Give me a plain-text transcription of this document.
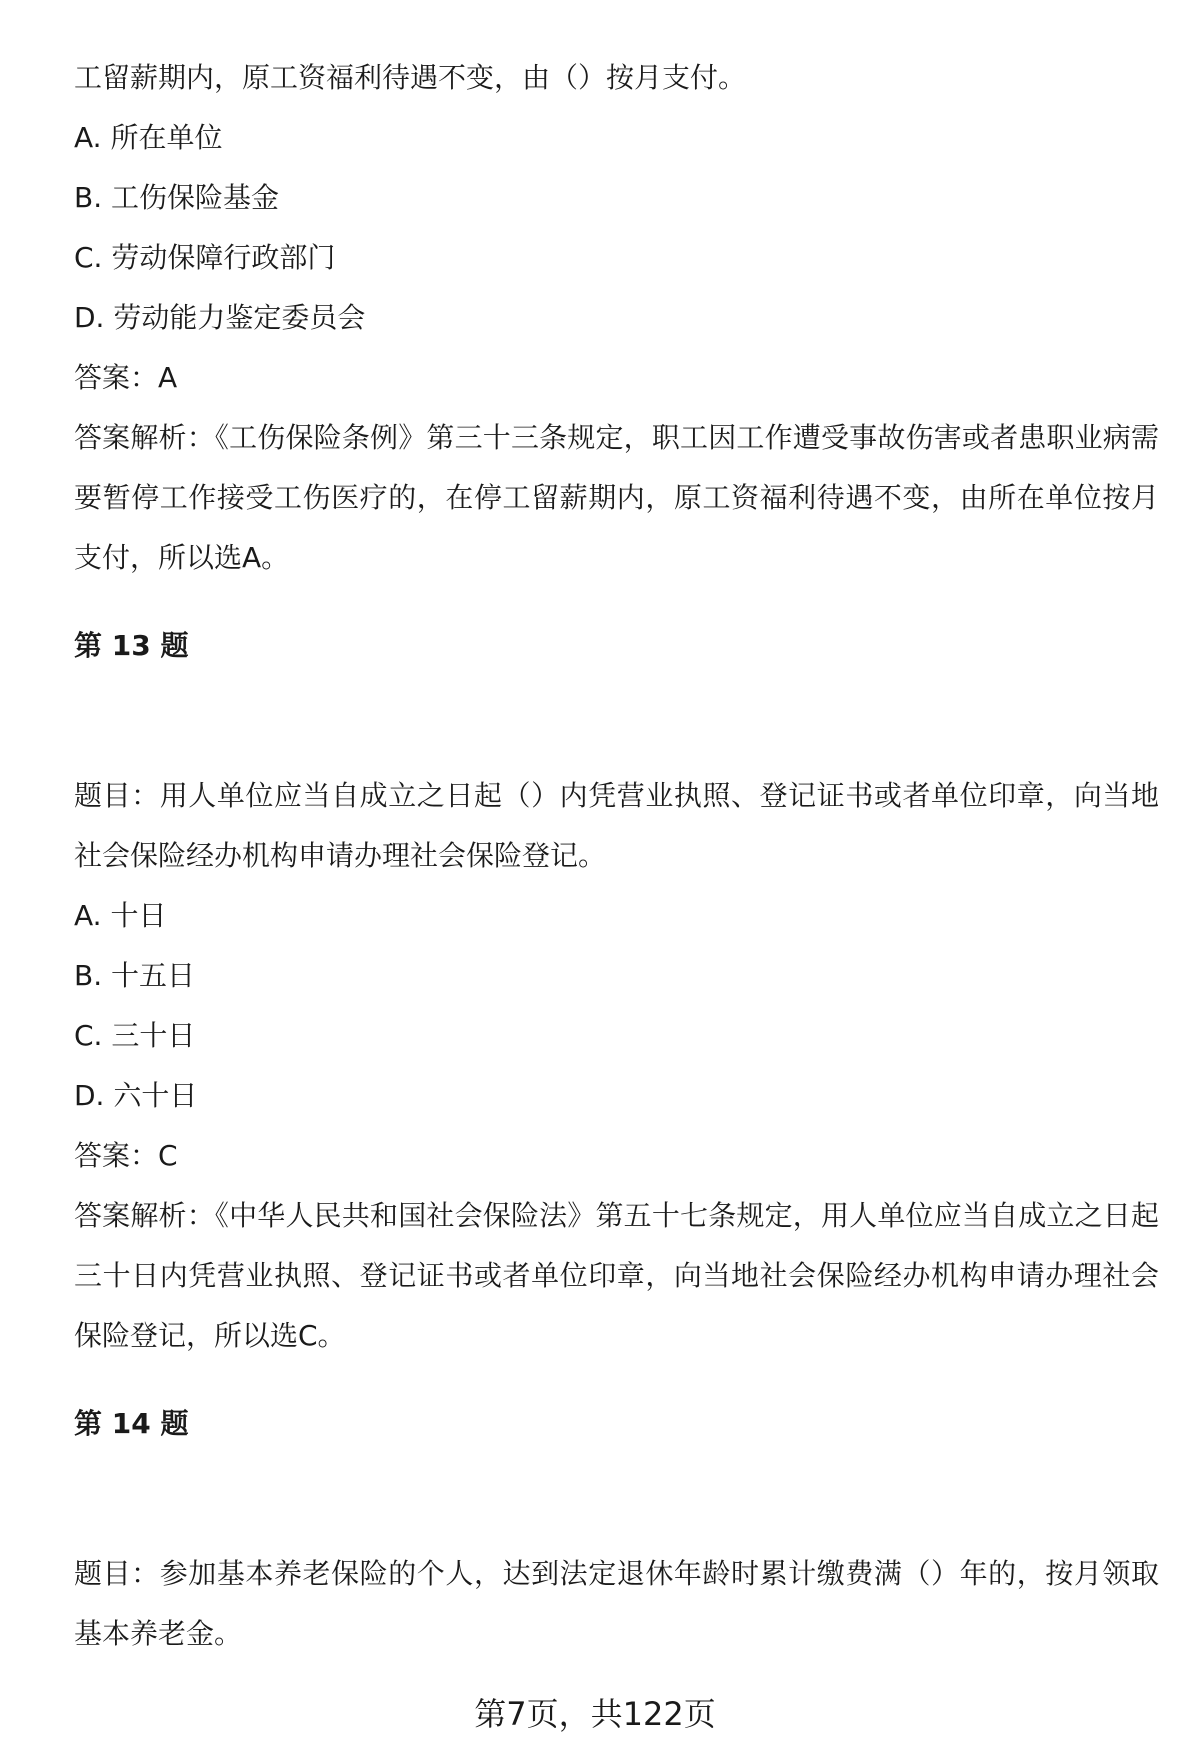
工留薪期内，原工资福利待遇不变，由（）按月支付。
A. 所在单位
B. 工伤保险基金
C. 劳动保障行政部门
D. 劳动能力鉴定委员会
答案：A

答案解析：《工伤保险条例》第三十三条规定，职工因工作遭受事故伤害或者患职业病需要暂停工作接受工伤医疗的，在停工留薪期内，原工资福利待遇不变，由所在单位按月支付，所以选A。

第 13 题

题目：用人单位应当自成立之日起（）内凭营业执照、登记证书或者单位印章，向当地社会保险经办机构申请办理社会保险登记。

A. 十日
B. 十五日
C. 三十日
D. 六十日
答案：C

答案解析：《中华人民共和国社会保险法》第五十七条规定，用人单位应当自成立之日起三十日内凭营业执照、登记证书或者单位印章，向当地社会保险经办机构申请办理社会保险登记，所以选C。

第 14 题

题目：参加基本养老保险的个人，达到法定退休年龄时累计缴费满（）年的，按月领取基本养老金。

第7页，共122页
